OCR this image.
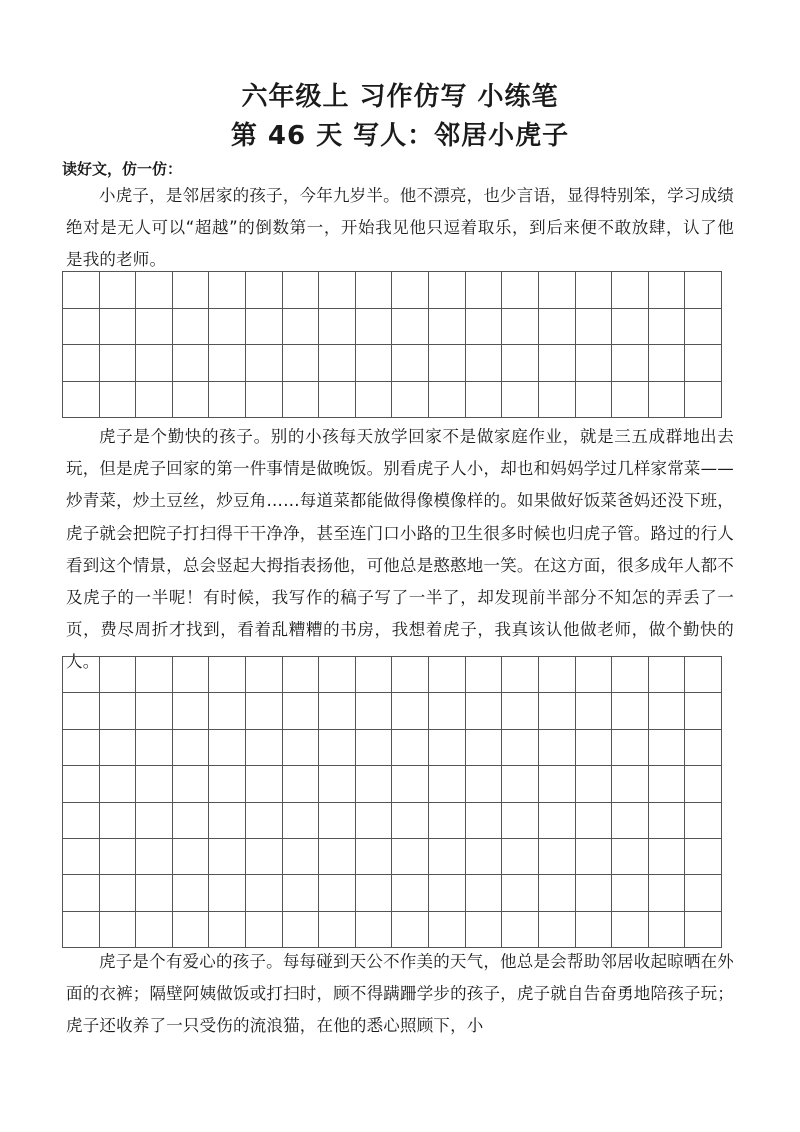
六年级上 习作仿写 小练笔
第 46 天 写人：邻居小虎子

读好文，仿一仿：

小虎子，是邻居家的孩子，今年九岁半。他不漂亮，也少言语，显得特别笨，学习成绩绝对是无人可以“超越”的倒数第一，开始我见他只逗着取乐，到后来便不敢放肆，认了他是我的老师。

虎子是个勤快的孩子。别的小孩每天放学回家不是做家庭作业，就是三五成群地出去玩，但是虎子回家的第一件事情是做晚饭。别看虎子人小，却也和妈妈学过几样家常菜——炒青菜，炒土豆丝，炒豆角……每道菜都能做得像模像样的。如果做好饭菜爸妈还没下班，虎子就会把院子打扫得干干净净，甚至连门口小路的卫生很多时候也归虎子管。路过的行人看到这个情景，总会竖起大拇指表扬他，可他总是憨憨地一笑。在这方面，很多成年人都不及虎子的一半呢！有时候，我写作的稿子写了一半了，却发现前半部分不知怎的弄丢了一页，费尽周折才找到，看着乱糟糟的书房，我想着虎子，我真该认他做老师，做个勤快的人。

虎子是个有爱心的孩子。每每碰到天公不作美的天气，他总是会帮助邻居收起晾晒在外面的衣裤；隔壁阿姨做饭或打扫时，顾不得蹒跚学步的孩子，虎子就自告奋勇地陪孩子玩；虎子还收养了一只受伤的流浪猫，在他的悉心照顾下，小
